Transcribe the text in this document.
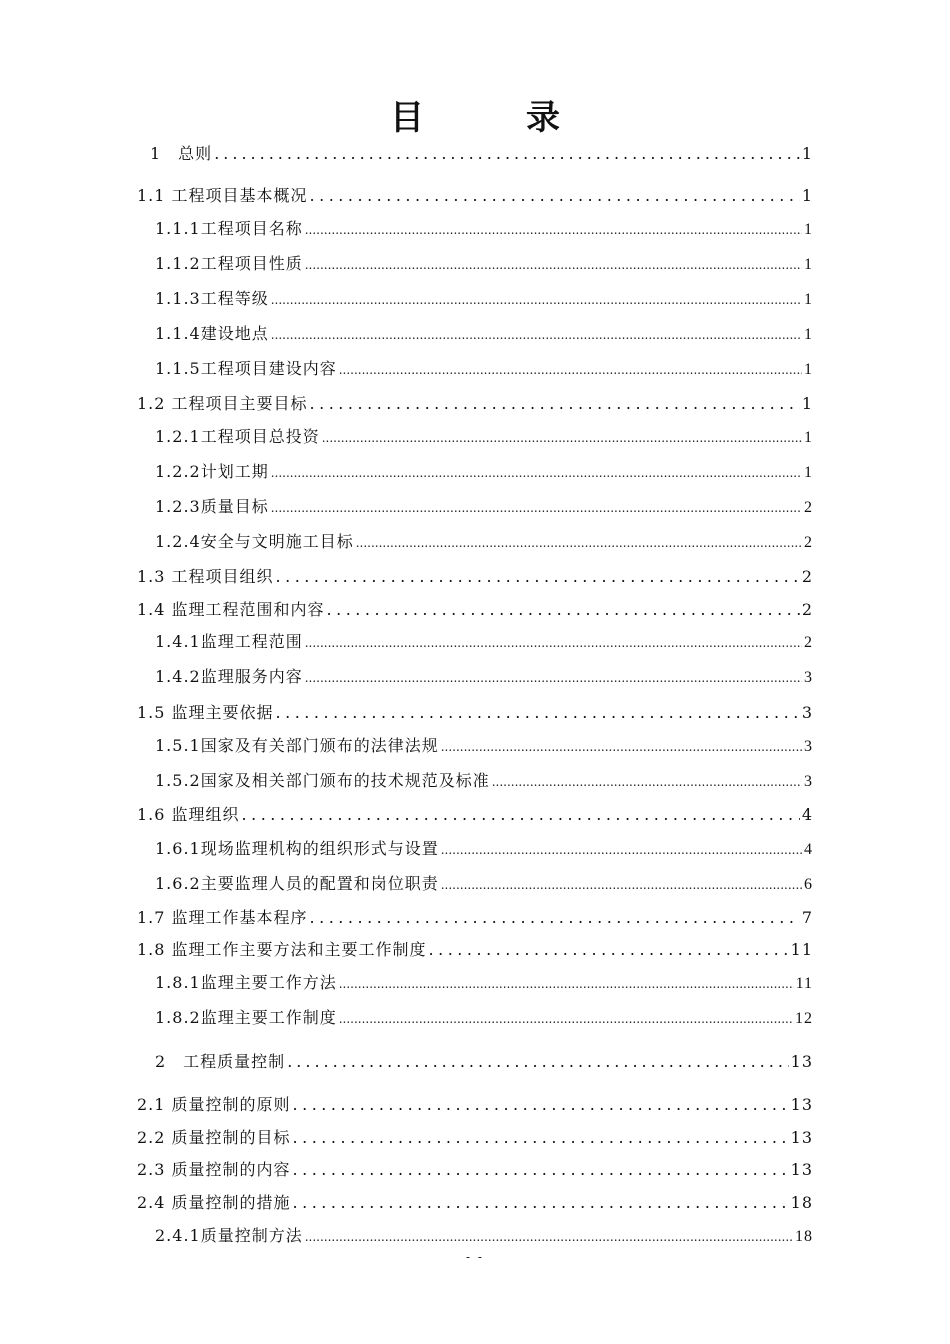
目　录
1　总则 .....	1
1.1 工程项目基本概况 .....	1
1.1.1工程项目名称 .....	1
1.1.2工程项目性质 .....	1
1.1.3工程等级 .....	1
1.1.4建设地点 .....	1
1.1.5工程项目建设内容 .....	1
1.2 工程项目主要目标 .....	1
1.2.1工程项目总投资 .....	1
1.2.2计划工期 .....	1
1.2.3质量目标 .....	2
1.2.4安全与文明施工目标 .....	2
1.3 工程项目组织 .....	2
1.4 监理工程范围和内容 .....	2
1.4.1监理工程范围 .....	2
1.4.2监理服务内容 .....	3
1.5 监理主要依据 .....	3
1.5.1国家及有关部门颁布的法律法规 .....	3
1.5.2国家及相关部门颁布的技术规范及标准 .....	3
1.6 监理组织 .....	4
1.6.1现场监理机构的组织形式与设置 .....	4
1.6.2主要监理人员的配置和岗位职责 .....	6
1.7 监理工作基本程序 .....	7
1.8 监理工作主要方法和主要工作制度 .....	11
1.8.1监理主要工作方法 .....	11
1.8.2监理主要工作制度 .....	12
2　工程质量控制 .....	13
2.1 质量控制的原则 .....	13
2.2 质量控制的目标 .....	13
2.3 质量控制的内容 .....	13
2.4 质量控制的措施 .....	18
2.4.1质量控制方法 .....	18
- -
